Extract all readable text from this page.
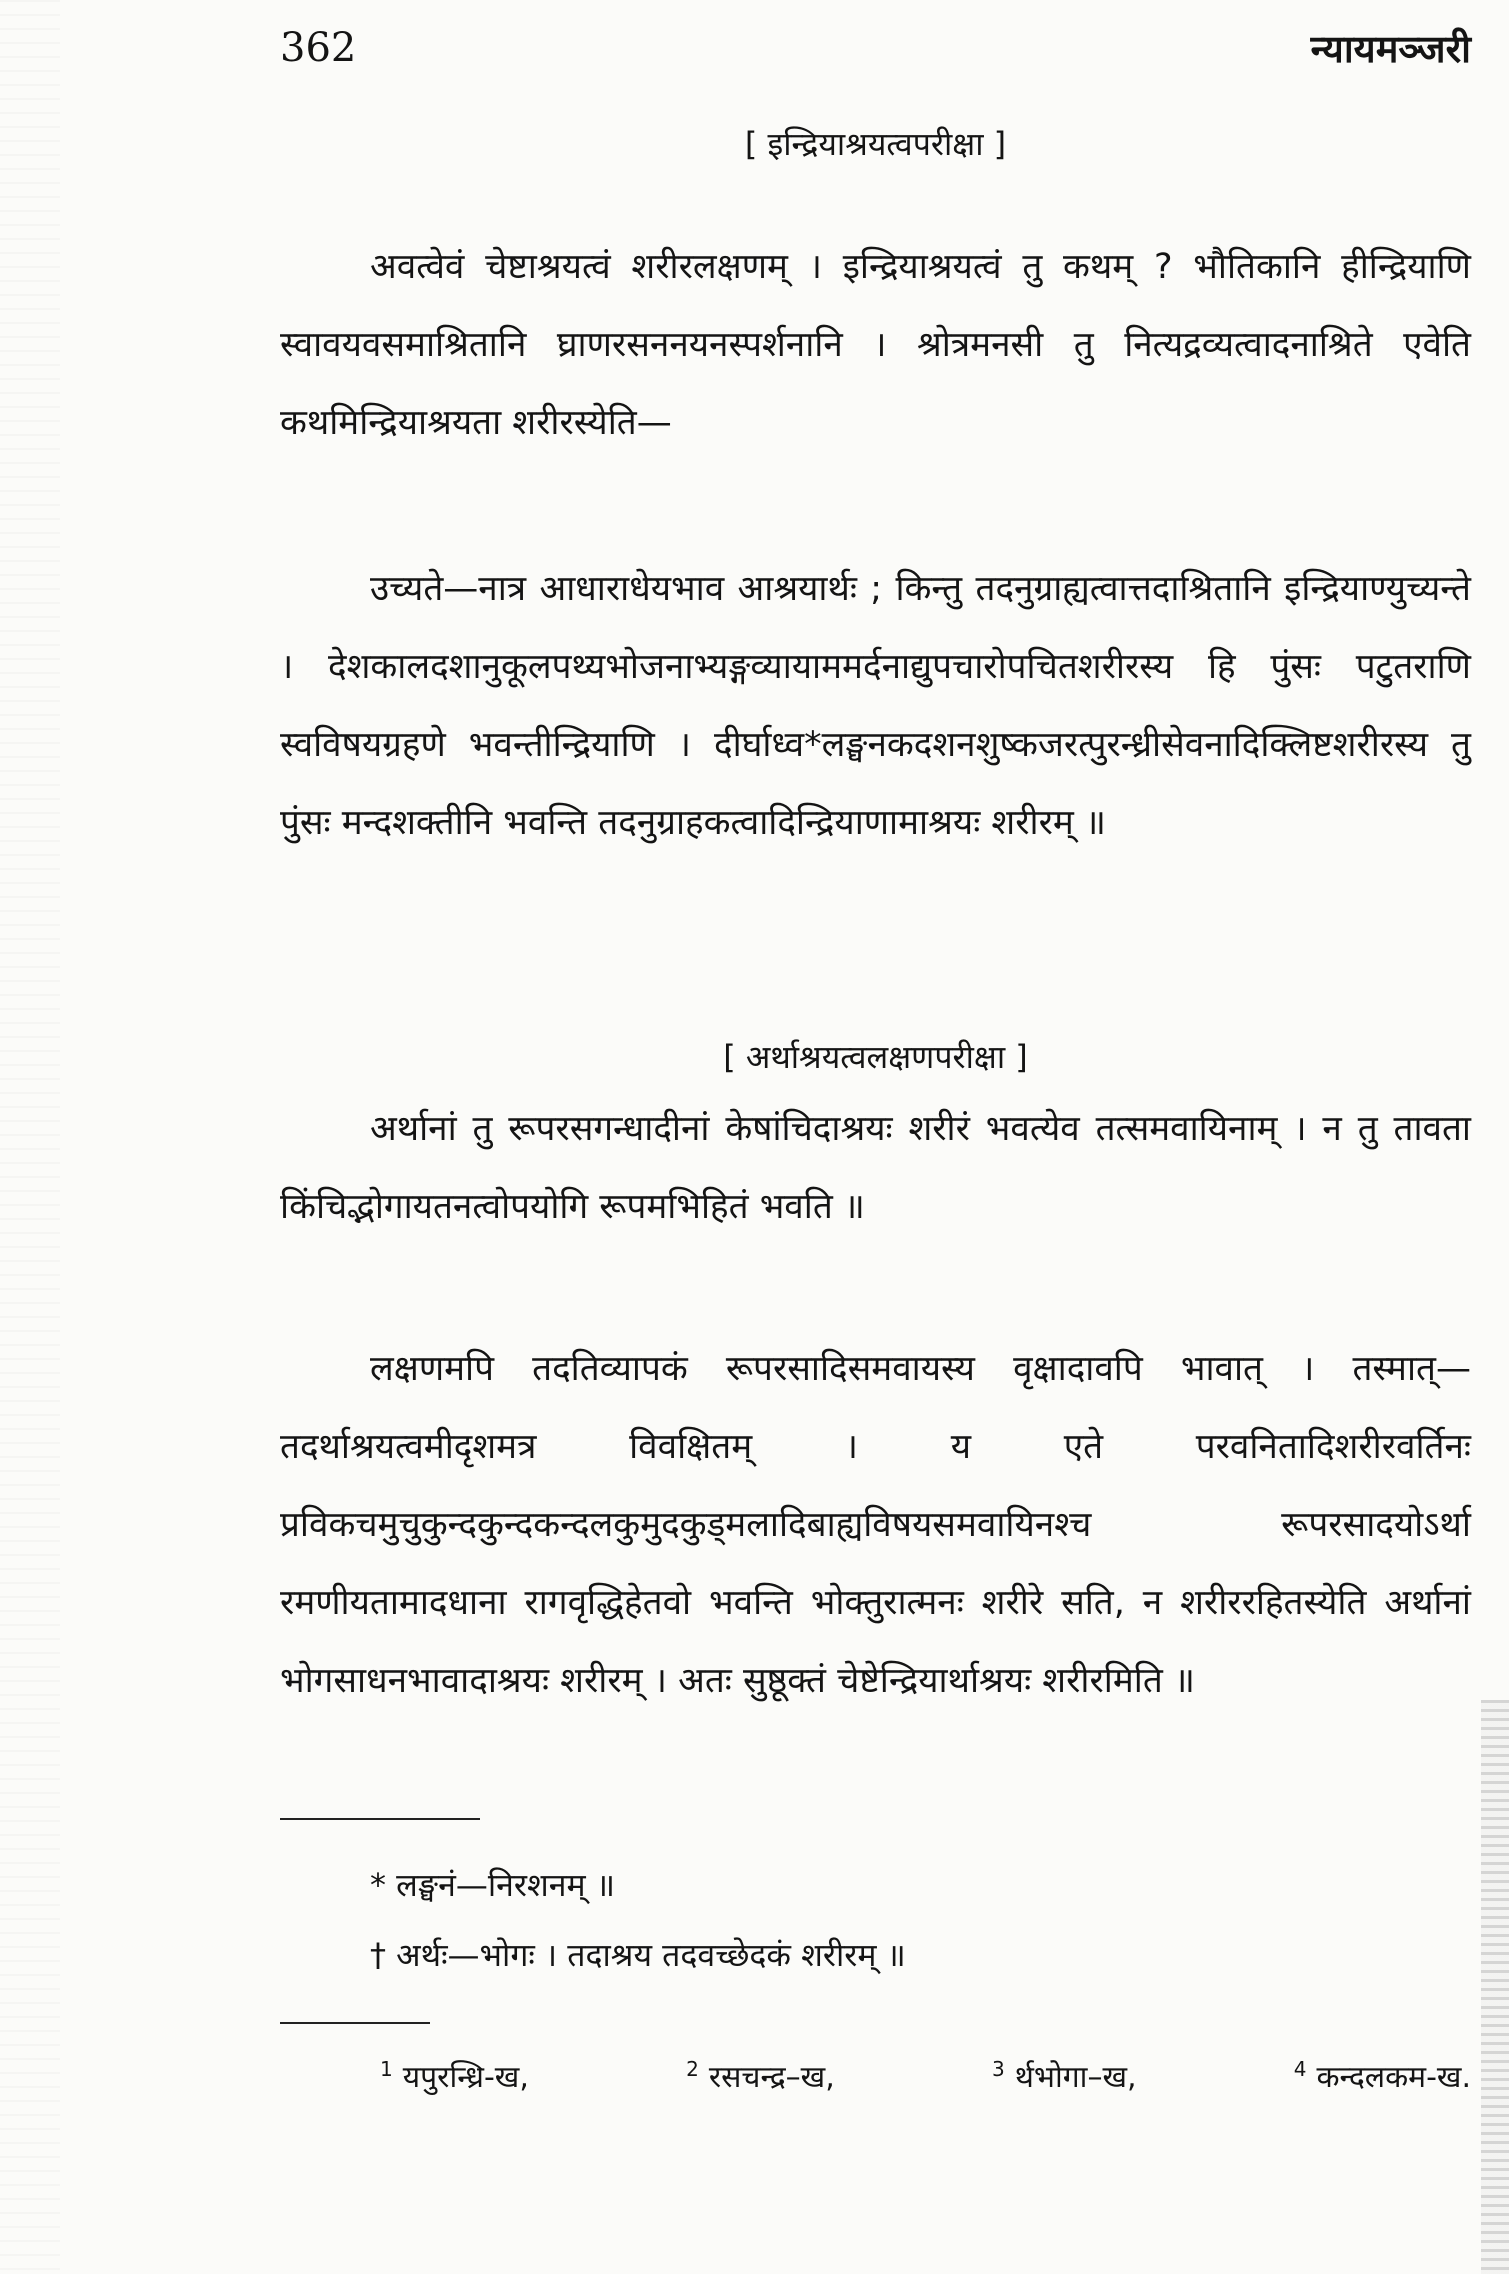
362	न्यायमञ्जरी
[ इन्द्रियाश्रयत्वपरीक्षा ]

अवत्वेवं चेष्टाश्रयत्वं शरीरलक्षणम् । इन्द्रियाश्रयत्वं तु कथम् ? भौतिकानि हीन्द्रियाणि स्वावयवसमाश्रितानि घ्राणरसननयनस्पर्शनानि । श्रोत्रमनसी तु नित्यद्रव्यत्वादनाश्रिते एवेति कथमिन्द्रियाश्रयता शरीरस्येति—

उच्यते—नात्र आधाराधेयभाव आश्रयार्थः ; किन्तु तदनुग्राह्यत्वात्तदाश्रितानि इन्द्रियाण्युच्यन्ते । देशकालदशानुकूलपथ्यभोजनाभ्यङ्गव्यायाममर्दनाद्युपचारोपचितशरीरस्य हि पुंसः पटुतराणि स्वविषयग्रहणे भवन्तीन्द्रियाणि । दीर्घाध्व*लङ्घनकदशनशुष्कजरत्पुरन्ध्रीसेवनादिक्लिष्टशरीरस्य तु पुंसः मन्दशक्तीनि भवन्ति तदनुग्राहकत्वादिन्द्रियाणामाश्रयः शरीरम् ॥

[ अर्थाश्रयत्वलक्षणपरीक्षा ]

अर्थानां तु रूपरसगन्धादीनां केषांचिदाश्रयः शरीरं भवत्येव तत्समवायिनाम् । न तु तावता किंचिद्भोगायतनत्वोपयोगि रूपमभिहितं भवति ॥

लक्षणमपि तदतिव्यापकं रूपरसादिसमवायस्य वृक्षादावपि भावात् । तस्मात्—तदर्थाश्रयत्वमीदृशमत्र विवक्षितम् । य एते परवनितादिशरीरवर्तिनः प्रविकचमुचुकुन्दकुन्दकन्दलकुमुदकुड्मलादिबाह्यविषयसमवायिनश्च रूपरसादयोऽर्था रमणीयतामादधाना रागवृद्धिहेतवो भवन्ति भोक्तुरात्मनः शरीरे सति, न शरीररहितस्येति अर्थानां भोगसाधनभावादाश्रयः शरीरम् । अतः सुष्ठूक्तं चेष्टेन्द्रियार्थाश्रयः शरीरमिति ॥

* लङ्घनं—निरशनम् ॥
† अर्थः—भोगः । तदाश्रय तदवच्छेदकं शरीरम् ॥
$^1$ यपुरन्ध्रि-ख,	$^2$ रसचन्द्र–ख,	$^3$ र्थभोगा–ख,	$^4$ कन्दलकम-ख.
